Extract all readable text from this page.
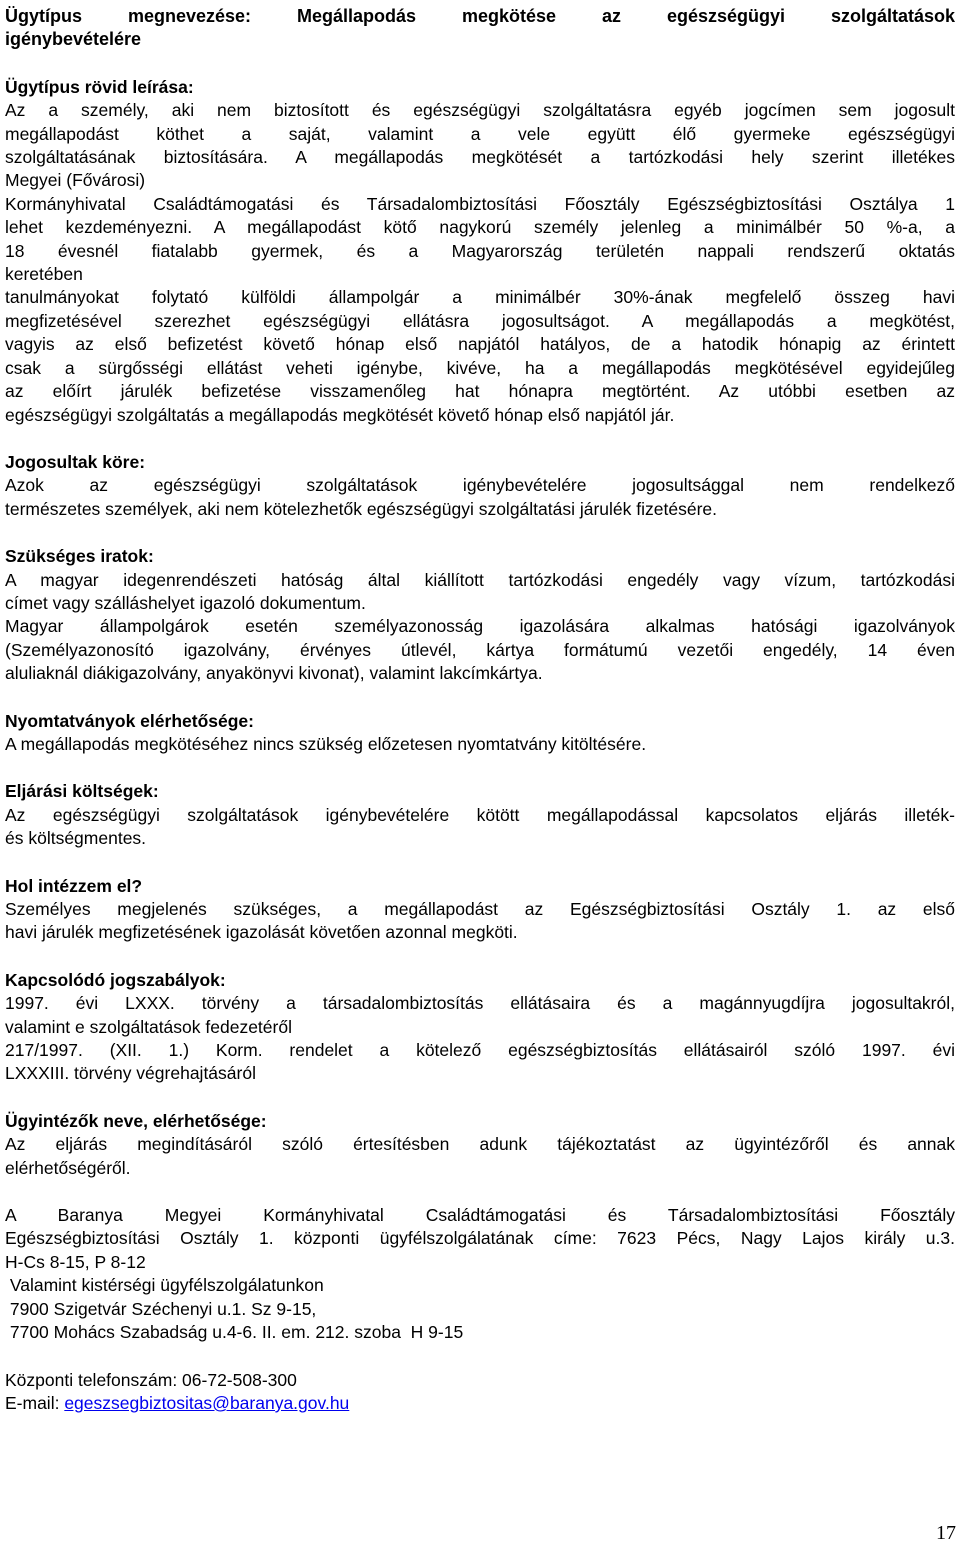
Ügytípus megnevezése: Megállapodás megkötése az egészségügyi szolgáltatások

igénybevételére

Ügytípus rövid leírása:

Az a személy, aki nem biztosított és egészségügyi szolgáltatásra egyéb jogcímen sem jogosult

megállapodást köthet a saját, valamint a vele együtt élő gyermeke egészségügyi

szolgáltatásának biztosítására. A megállapodás megkötését a tartózkodási hely szerint illetékes

Megyei (Fővárosi)

Kormányhivatal Családtámogatási és Társadalombiztosítási Főosztály Egészségbiztosítási Osztálya 1

lehet kezdeményezni. A megállapodást kötő nagykorú személy jelenleg a minimálbér 50 %-a, a

18 évesnél fiatalabb gyermek, és a Magyarország területén nappali rendszerű oktatás

keretében

tanulmányokat folytató külföldi állampolgár a minimálbér 30%-ának megfelelő összeg havi

megfizetésével szerezhet egészségügyi ellátásra jogosultságot. A megállapodás a megkötést,

vagyis az első befizetést követő hónap első napjától hatályos, de a hatodik hónapig az érintett

csak a sürgősségi ellátást veheti igénybe, kivéve, ha a megállapodás megkötésével egyidejűleg

az előírt járulék befizetése visszamenőleg hat hónapra megtörtént. Az utóbbi esetben az

egészségügyi szolgáltatás a megállapodás megkötését követő hónap első napjától jár.

Jogosultak köre:

Azok az egészségügyi szolgáltatások igénybevételére jogosultsággal nem rendelkező

természetes személyek, aki nem kötelezhetők egészségügyi szolgáltatási járulék fizetésére.

Szükséges iratok:

A magyar idegenrendészeti hatóság által kiállított tartózkodási engedély vagy vízum, tartózkodási

címet vagy szálláshelyet igazoló dokumentum.

Magyar állampolgárok esetén személyazonosság igazolására alkalmas hatósági igazolványok

(Személyazonosító igazolvány, érvényes útlevél, kártya formátumú vezetői engedély, 14 éven

aluliaknál diákigazolvány, anyakönyvi kivonat), valamint lakcímkártya.

Nyomtatványok elérhetősége:

A megállapodás megkötéséhez nincs szükség előzetesen nyomtatvány kitöltésére.

Eljárási költségek:

Az egészségügyi szolgáltatások igénybevételére kötött megállapodással kapcsolatos eljárás illeték-

és költségmentes.

Hol intézzem el?

Személyes megjelenés szükséges, a megállapodást az Egészségbiztosítási Osztály 1. az első

havi járulék megfizetésének igazolását követően azonnal megköti.

Kapcsolódó jogszabályok:

1997. évi LXXX. törvény a társadalombiztosítás ellátásaira és a magánnyugdíjra jogosultakról,

valamint e szolgáltatások fedezetéről

217/1997. (XII. 1.) Korm. rendelet a kötelező egészségbiztosítás ellátásairól szóló 1997. évi

LXXXIII. törvény végrehajtásáról

Ügyintézők neve, elérhetősége:

Az eljárás megindításáról szóló értesítésben adunk tájékoztatást az ügyintézőről és annak

elérhetőségéről.

A Baranya Megyei Kormányhivatal Családtámogatási és Társadalombiztosítási Főosztály

Egészségbiztosítási Osztály 1. központi ügyfélszolgálatának címe: 7623 Pécs, Nagy Lajos király u.3.

H-Cs 8-15, P 8-12

Valamint kistérségi ügyfélszolgálatunkon

7900 Szigetvár Széchenyi u.1. Sz 9-15,

7700 Mohács Szabadság u.4-6. II. em. 212. szoba  H 9-15

Központi telefonszám: 06-72-508-300

E-mail: egeszsegbiztositas@baranya.gov.hu

17
